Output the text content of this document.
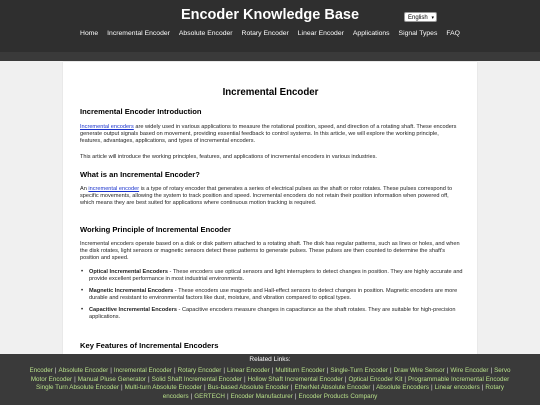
Encoder Knowledge Base	English ▾
Home Incremental Encoder Absolute Encoder Rotary Encoder Linear Encoder Applications Signal Types FAQ
Incremental Encoder
Incremental Encoder Introduction

Incremental encoders are widely used in various applications to measure the rotational position, speed, and direction of a rotating shaft. These encoders generate output signals based on movement, providing essential feedback to control systems. In this article, we will explore the working principle, features, advantages, applications, and types of incremental encoders.

This article will introduce the working principles, features, and applications of incremental encoders in various industries.

What is an Incremental Encoder?

An incremental encoder is a type of rotary encoder that generates a series of electrical pulses as the shaft or rotor rotates. These pulses correspond to specific movements, allowing the system to track position and speed. Incremental encoders do not retain their position information when powered off, which means they are best suited for applications where continuous motion tracking is required.

Working Principle of Incremental Encoder

Incremental encoders operate based on a disk or disk pattern attached to a rotating shaft. The disk has regular patterns, such as lines or holes, and when the disk rotates, light sensors or magnetic sensors detect these patterns to generate pulses. These pulses are then counted to determine the shaft's position and speed.

• Optical Incremental Encoders - These encoders use optical sensors and light interrupters to detect changes in position. They are highly accurate and provide excellent performance in most industrial environments.
• Magnetic Incremental Encoders - These encoders use magnets and Hall-effect sensors to detect changes in position. Magnetic encoders are more durable and resistant to environmental factors like dust, moisture, and vibration compared to optical types.
• Capacitive Incremental Encoders - Capacitive encoders measure changes in capacitance as the shaft rotates. They are suitable for high-precision applications.
Key Features of Incremental Encoders
Related Links:
Encoder | Absolute Encoder | Incremental Encoder | Rotary Encoder | Linear Encoder | Multiturn Encoder | Single-Turn Encoder | Draw Wire Sensor | Wire Encoder | Servo
Motor Encoder | Manual Pluse Generator | Solid Shaft Incremental Encoder | Hollow Shaft Incremental Encoder | Optical Encoder Kit | Programmable Incremental Encoder
Single Turn Absolute Encoder | Multi-turn Absolute Encoder | Bus-based Absolute Encoder | EtherNet Absolute Encoder | Absolute Encoders | Linear encoders | Rotary
encoders | GERTECH | Encoder Manufacturer | Encoder Products Company
